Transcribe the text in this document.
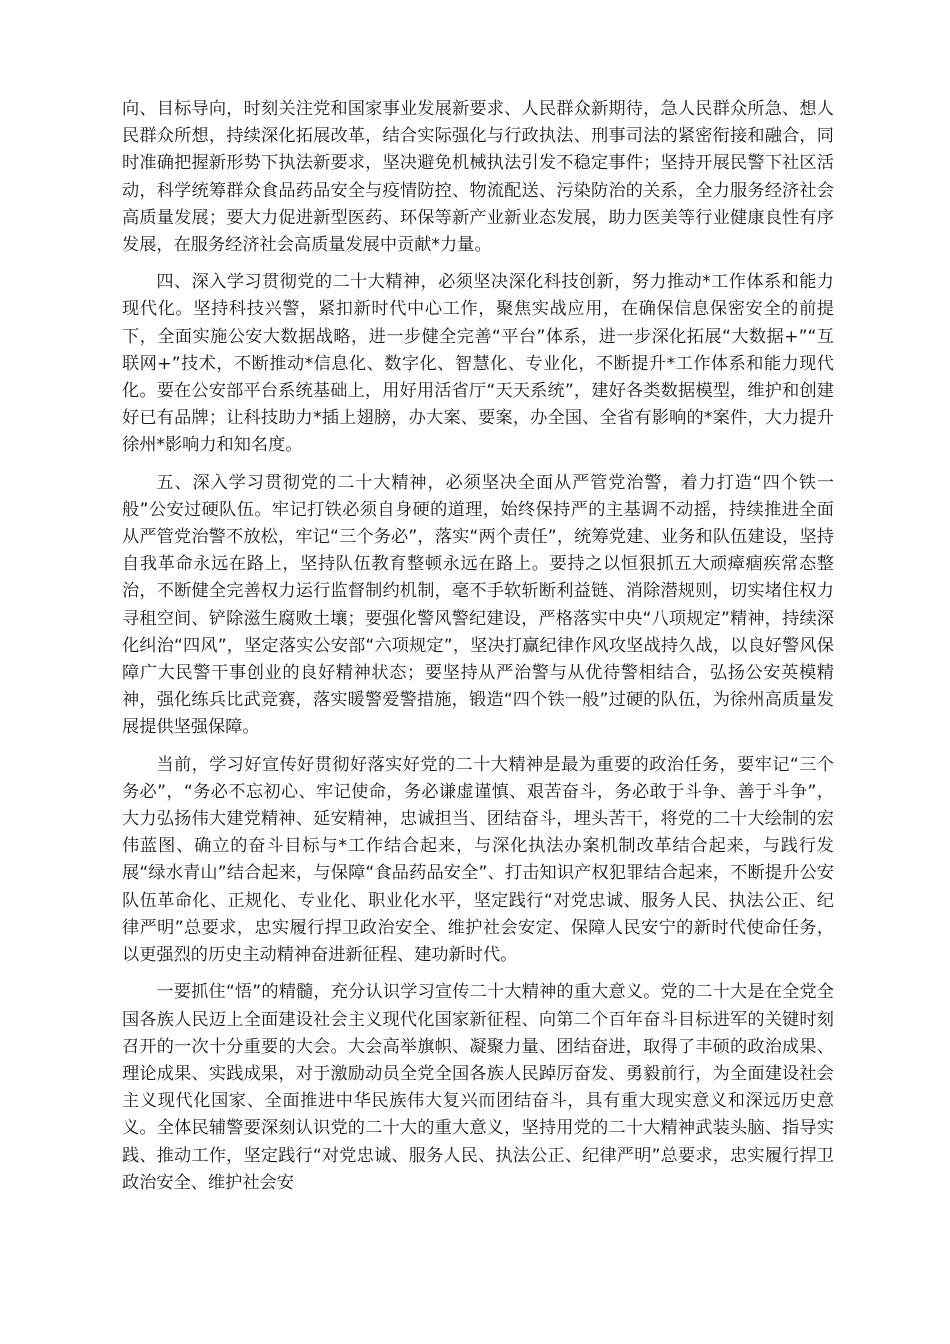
向、目标导向，时刻关注党和国家事业发展新要求、人民群众新期待，急人民群众所急、想人民群众所想，持续深化拓展改革，结合实际强化与行政执法、刑事司法的紧密衔接和融合，同时准确把握新形势下执法新要求，坚决避免机械执法引发不稳定事件；坚持开展民警下社区活动，科学统筹群众食品药品安全与疫情防控、物流配送、污染防治的关系，全力服务经济社会高质量发展；要大力促进新型医药、环保等新产业新业态发展，助力医美等行业健康良性有序发展，在服务经济社会高质量发展中贡献*力量。

四、深入学习贯彻党的二十大精神，必须坚决深化科技创新，努力推动*工作体系和能力现代化。坚持科技兴警，紧扣新时代中心工作，聚焦实战应用，在确保信息保密安全的前提下，全面实施公安大数据战略，进一步健全完善“平台”体系，进一步深化拓展“大数据+”“互联网+”技术，不断推动*信息化、数字化、智慧化、专业化，不断提升*工作体系和能力现代化。要在公安部平台系统基础上，用好用活省厅“天天系统”，建好各类数据模型，维护和创建好已有品牌；让科技助力*插上翅膀，办大案、要案，办全国、全省有影响的*案件，大力提升徐州*影响力和知名度。

五、深入学习贯彻党的二十大精神，必须坚决全面从严管党治警，着力打造“四个铁一般”公安过硬队伍。牢记打铁必须自身硬的道理，始终保持严的主基调不动摇，持续推进全面从严管党治警不放松，牢记“三个务必”，落实“两个责任”，统筹党建、业务和队伍建设，坚持自我革命永远在路上，坚持队伍教育整顿永远在路上。要持之以恒狠抓五大顽瘴痼疾常态整治，不断健全完善权力运行监督制约机制，毫不手软斩断利益链、消除潜规则，切实堵住权力寻租空间、铲除滋生腐败土壤；要强化警风警纪建设，严格落实中央“八项规定”精神，持续深化纠治“四风”，坚定落实公安部“六项规定”，坚决打赢纪律作风攻坚战持久战，以良好警风保障广大民警干事创业的良好精神状态；要坚持从严治警与从优待警相结合，弘扬公安英模精神，强化练兵比武竞赛，落实暖警爱警措施，锻造“四个铁一般”过硬的队伍，为徐州高质量发展提供坚强保障。

当前，学习好宣传好贯彻好落实好党的二十大精神是最为重要的政治任务，要牢记“三个务必”，“务必不忘初心、牢记使命，务必谦虚谨慎、艰苦奋斗，务必敢于斗争、善于斗争”，大力弘扬伟大建党精神、延安精神，忠诚担当、团结奋斗，埋头苦干，将党的二十大绘制的宏伟蓝图、确立的奋斗目标与*工作结合起来，与深化执法办案机制改革结合起来，与践行发展“绿水青山”结合起来，与保障“食品药品安全”、打击知识产权犯罪结合起来，不断提升公安队伍革命化、正规化、专业化、职业化水平，坚定践行“对党忠诚、服务人民、执法公正、纪律严明”总要求，忠实履行捍卫政治安全、维护社会安定、保障人民安宁的新时代使命任务，以更强烈的历史主动精神奋进新征程、建功新时代。

一要抓住“悟”的精髓，充分认识学习宣传二十大精神的重大意义。党的二十大是在全党全国各族人民迈上全面建设社会主义现代化国家新征程、向第二个百年奋斗目标进军的关键时刻召开的一次十分重要的大会。大会高举旗帜、凝聚力量、团结奋进，取得了丰硕的政治成果、理论成果、实践成果，对于激励动员全党全国各族人民踔厉奋发、勇毅前行，为全面建设社会主义现代化国家、全面推进中华民族伟大复兴而团结奋斗，具有重大现实意义和深远历史意义。全体民辅警要深刻认识党的二十大的重大意义，坚持用党的二十大精神武装头脑、指导实践、推动工作，坚定践行“对党忠诚、服务人民、执法公正、纪律严明”总要求，忠实履行捍卫政治安全、维护社会安
